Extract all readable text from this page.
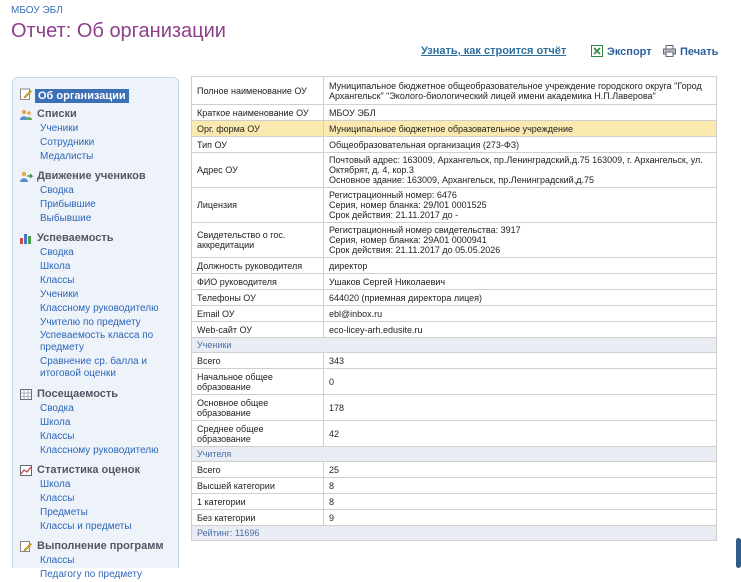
МБОУ ЭБЛ
Отчет: Об организации
Узнать, как строится отчёт	Экспорт	Печать
Об организации
Списки
Ученики
Сотрудники
Медалисты
Движение учеников
Сводка
Прибывшие
Выбывшие
Успеваемость
Сводка
Школа
Классы
Ученики
Классному руководителю
Учителю по предмету
Успеваемость класса по предмету
Сравнение ср. балла и итоговой оценки
Посещаемость
Сводка
Школа
Классы
Классному руководителю
Статистика оценок
Школа
Классы
Предметы
Классы и предметы
Выполнение программ
Классы
Педагогу по предмету
Полное наименование ОУ	Муниципальное бюджетное общеобразовательное учреждение городского округа "Город Архангельск" "Эколого-биологический лицей имени академика Н.П.Лаверова"
Краткое наименование ОУ	МБОУ ЭБЛ
Орг. форма ОУ	Муниципальное бюджетное образовательное учреждение
Тип ОУ	Общеобразовательная организация (273-ФЗ)
Адрес ОУ	Почтовый адрес: 163009, Архангельск, пр.Ленинградский,д.75 163009, г. Архангельск, ул. Октябрят, д. 4, кор.3
Основное здание: 163009, Архангельск, пр.Ленинградский,д.75
Лицензия	Регистрационный номер: 6476
Серия, номер бланка: 29Л01 0001525
Срок действия: 21.11.2017 до -
Свидетельство о гос. аккредитации	Регистрационный номер свидетельства: 3917
Серия, номер бланка: 29А01 0000941
Срок действия: 21.11.2017 до 05.05.2026
Должность руководителя	директор
ФИО руководителя	Ушаков Сергей Николаевич
Телефоны ОУ	644020 (приемная директора лицея)
Email ОУ	ebl@inbox.ru
Web-сайт ОУ	eco-licey-arh.edusite.ru
Ученики	
Всего	343
Начальное общее образование	0
Основное общее образование	178
Среднее общее образование	42
Учителя	
Всего	25
Высшей категории	8
1 категории	8
Без категории	9
Рейтинг: 11696	
